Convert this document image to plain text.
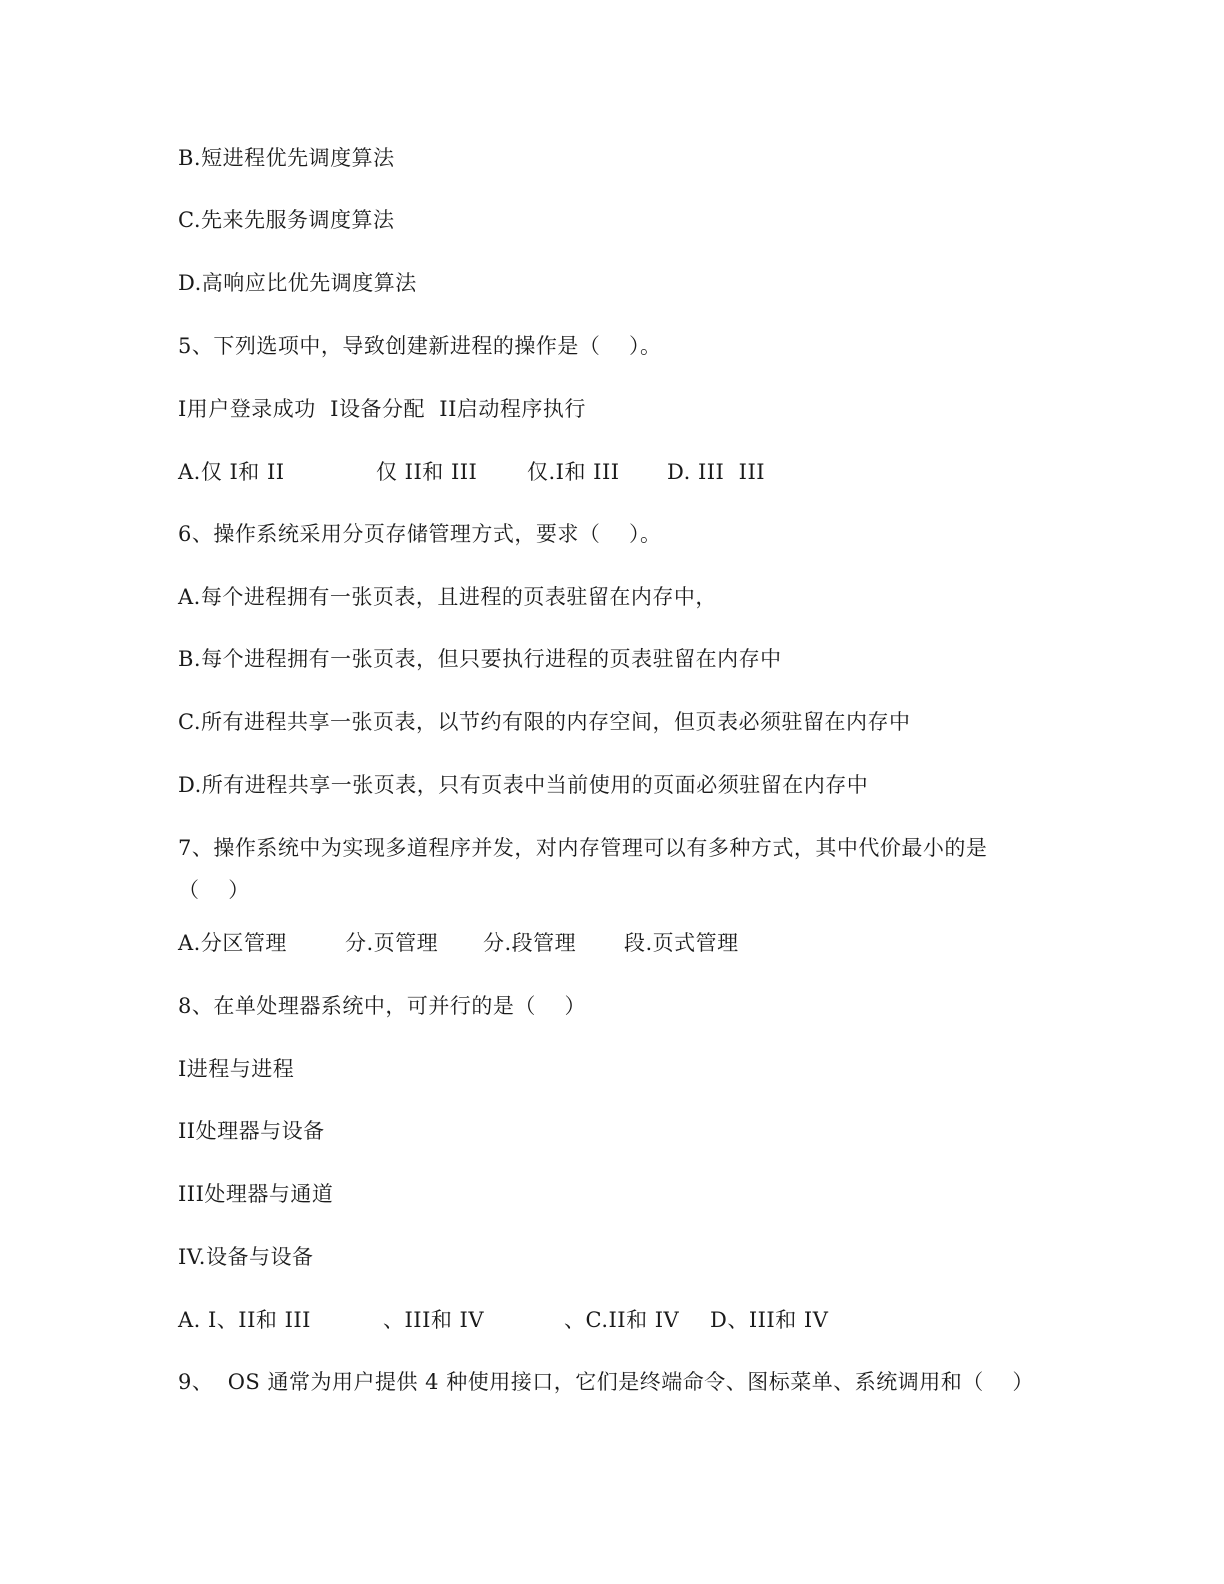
B.短进程优先调度算法
C.先来先服务调度算法
D.高响应比优先调度算法
5、下列选项中，导致创建新进程的操作是（    ）。
I用户登录成功  I设备分配  II启动程序执行
A.仅 I和 II	仅 II和 III 仅.I和 III D. III  III
6、操作系统采用分页存储管理方式，要求（    ）。
A.每个进程拥有一张页表，且进程的页表驻留在内存中，
B.每个进程拥有一张页表，但只要执行进程的页表驻留在内存中
C.所有进程共享一张页表，以节约有限的内存空间，但页表必须驻留在内存中
D.所有进程共享一张页表，只有页表中当前使用的页面必须驻留在内存中
7、操作系统中为实现多道程序并发，对内存管理可以有多种方式，其中代价最小的是
（    ）
A.分区管理	分.页管理 分.段管理 段.页式管理
8、在单处理器系统中，可并行的是（    ）
I进程与进程
II处理器与设备
III处理器与通道
IV.设备与设备
A. I、II和 III	、III和 IV	、C.II和 IV D、III和 IV
9、  OS 通常为用户提供 4 种使用接口，它们是终端命令、图标菜单、系统调用和（    ）
